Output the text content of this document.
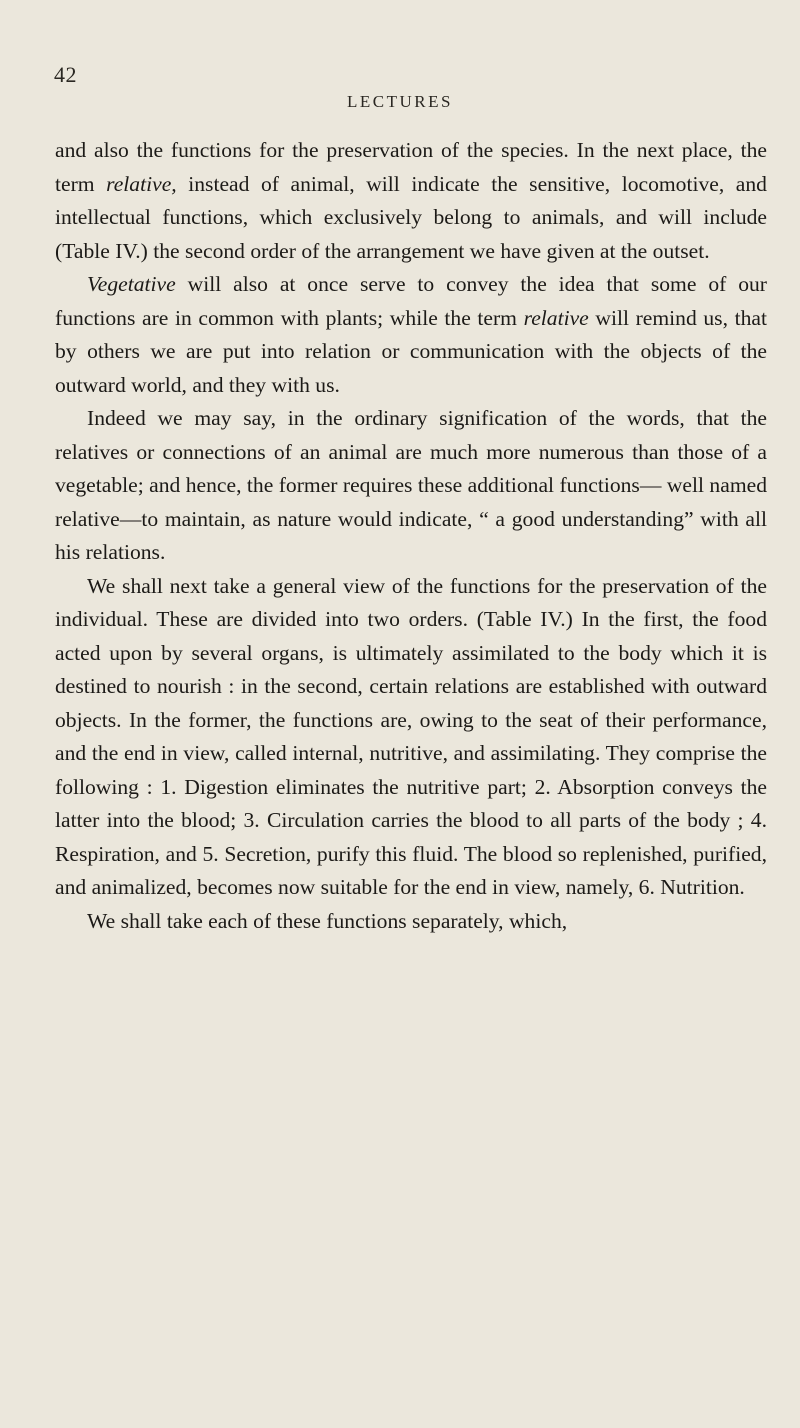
42
LECTURES

and also the functions for the preservation of the species. In the next place, the term relative, instead of animal, will indicate the sensitive, locomotive, and intellectual functions, which exclusively belong to animals, and will include (Table IV.) the second order of the arrangement we have given at the outset.

Vegetative will also at once serve to convey the idea that some of our functions are in common with plants; while the term relative will remind us, that by others we are put into relation or communication with the objects of the outward world, and they with us.

Indeed we may say, in the ordinary signification of the words, that the relatives or connections of an animal are much more numerous than those of a vegetable; and hence, the former requires these additional functions— well named relative—to maintain, as nature would indicate, “ a good understanding” with all his relations.

We shall next take a general view of the functions for the preservation of the individual. These are divided into two orders. (Table IV.) In the first, the food acted upon by several organs, is ultimately assimilated to the body which it is destined to nourish : in the second, certain relations are established with outward objects. In the former, the functions are, owing to the seat of their performance, and the end in view, called internal, nutritive, and assimilating. They comprise the following : 1. Digestion eliminates the nutritive part; 2. Absorption conveys the latter into the blood; 3. Circulation carries the blood to all parts of the body ; 4. Respiration, and 5. Secretion, purify this fluid. The blood so replenished, purified, and animalized, becomes now suitable for the end in view, namely, 6. Nutrition.

We shall take each of these functions separately, which,
